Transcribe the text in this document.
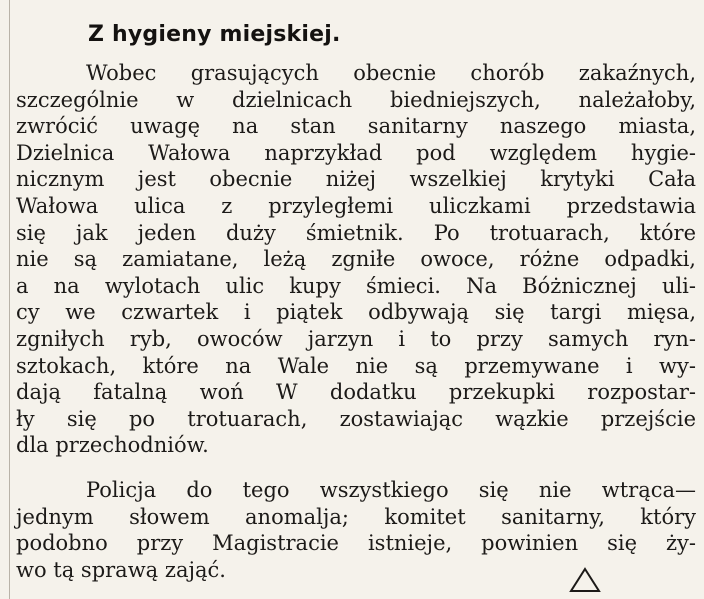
Z hygieny miejskiej.
Wobec grasujących obecnie chorób zakaźnych,
szczególnie w dzielnicach biedniejszych, należałoby,
zwrócić uwagę na stan sanitarny naszego miasta,
Dzielnica Wałowa naprzykład pod względem hygie-
nicznym jest obecnie niżej wszelkiej krytyki Cała
Wałowa ulica z przyległemi uliczkami przedstawia
się jak jeden duży śmietnik. Po trotuarach, które
nie są zamiatane, leżą zgniłe owoce, różne odpadki,
a na wylotach ulic kupy śmieci. Na Bóżnicznej uli-
cy we czwartek i piątek odbywają się targi mięsa,
zgniłych ryb, owoców jarzyn i to przy samych ryn-
sztokach, które na Wale nie są przemywane i wy-
dają fatalną woń W dodatku przekupki rozpostar-
ły się po trotuarach, zostawiając wązkie przejście
dla przechodniów.
Policja do tego wszystkiego się nie wtrąca—
jednym słowem anomalja; komitet sanitarny, który
podobno przy Magistracie istnieje, powinien się ży-
wo tą sprawą zająć.
